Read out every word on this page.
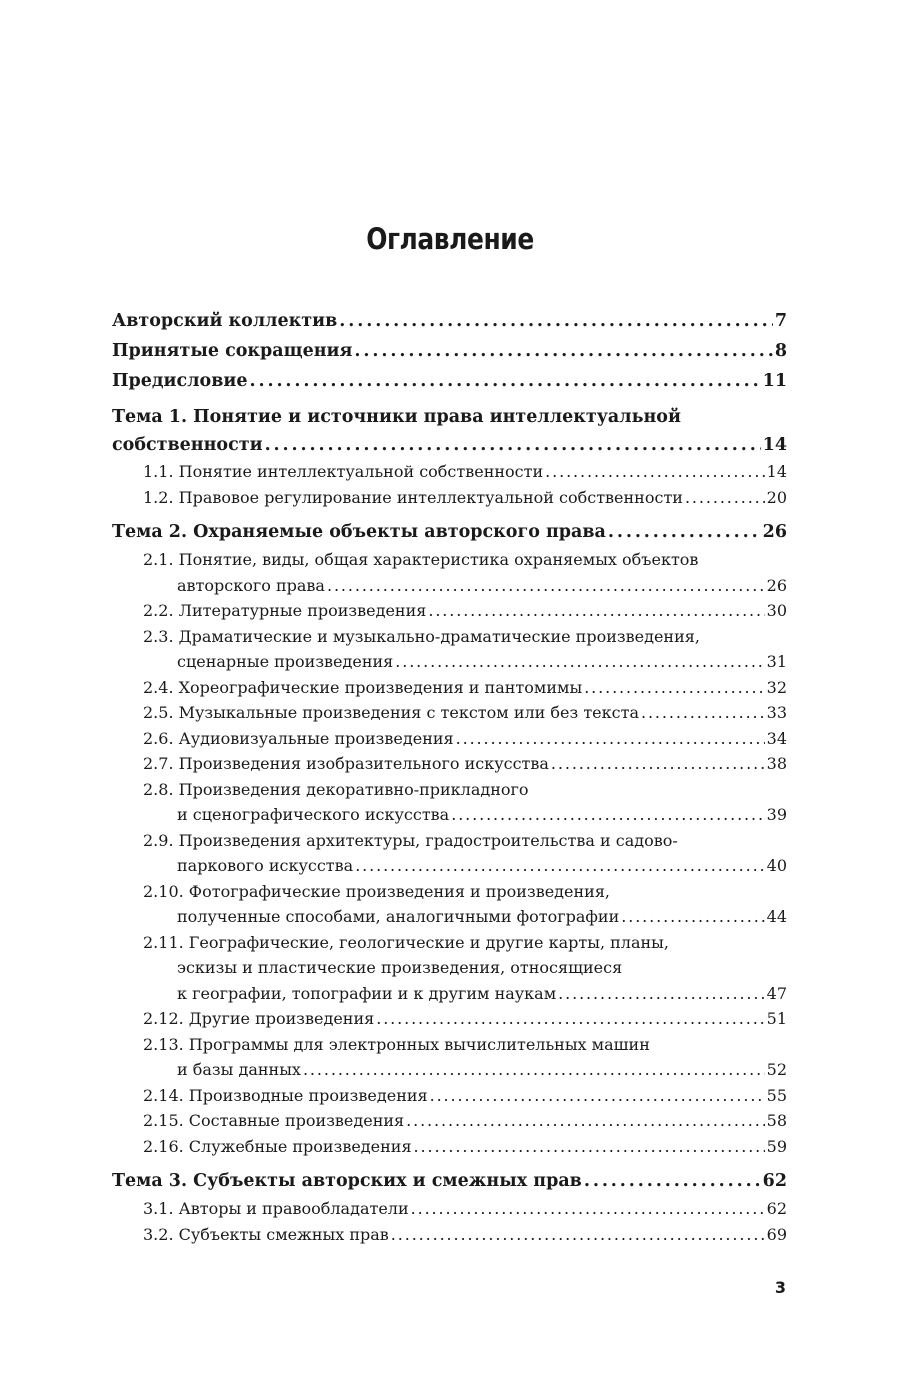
Оглавление
Авторский коллектив . . .	7
Принятые сокращения . . .	8
Предисловие . . .	11
Тема 1. Понятие и источники права интеллектуальной
собственности . . .	14
1.1. Понятие интеллектуальной собственности . . .	14
1.2. Правовое регулирование интеллектуальной собственности . . .	20
Тема 2. Охраняемые объекты авторского права . . .	26
2.1. Понятие, виды, общая характеристика охраняемых объектов
авторского права . . .	26
2.2. Литературные произведения . . .	30
2.3. Драматические и музыкально-драматические произведения,
сценарные произведения . . .	31
2.4. Хореографические произведения и пантомимы . . .	32
2.5. Музыкальные произведения с текстом или без текста . . .	33
2.6. Аудиовизуальные произведения . . .	34
2.7. Произведения изобразительного искусства . . .	38
2.8. Произведения декоративно-прикладного
и сценографического искусства . . .	39
2.9. Произведения архитектуры, градостроительства и садово-
паркового искусства . . .	40
2.10. Фотографические произведения и произведения,
полученные способами, аналогичными фотографии . . .	44
2.11. Географические, геологические и другие карты, планы,
эскизы и пластические произведения, относящиеся
к географии, топографии и к другим наукам . . .	47
2.12. Другие произведения . . .	51
2.13. Программы для электронных вычислительных машин
и базы данных . . .	52
2.14. Производные произведения . . .	55
2.15. Составные произведения . . .	58
2.16. Служебные произведения . . .	59
Тема 3. Субъекты авторских и смежных прав . . .	62
3.1. Авторы и правообладатели . . .	62
3.2. Субъекты смежных прав . . .	69
3
